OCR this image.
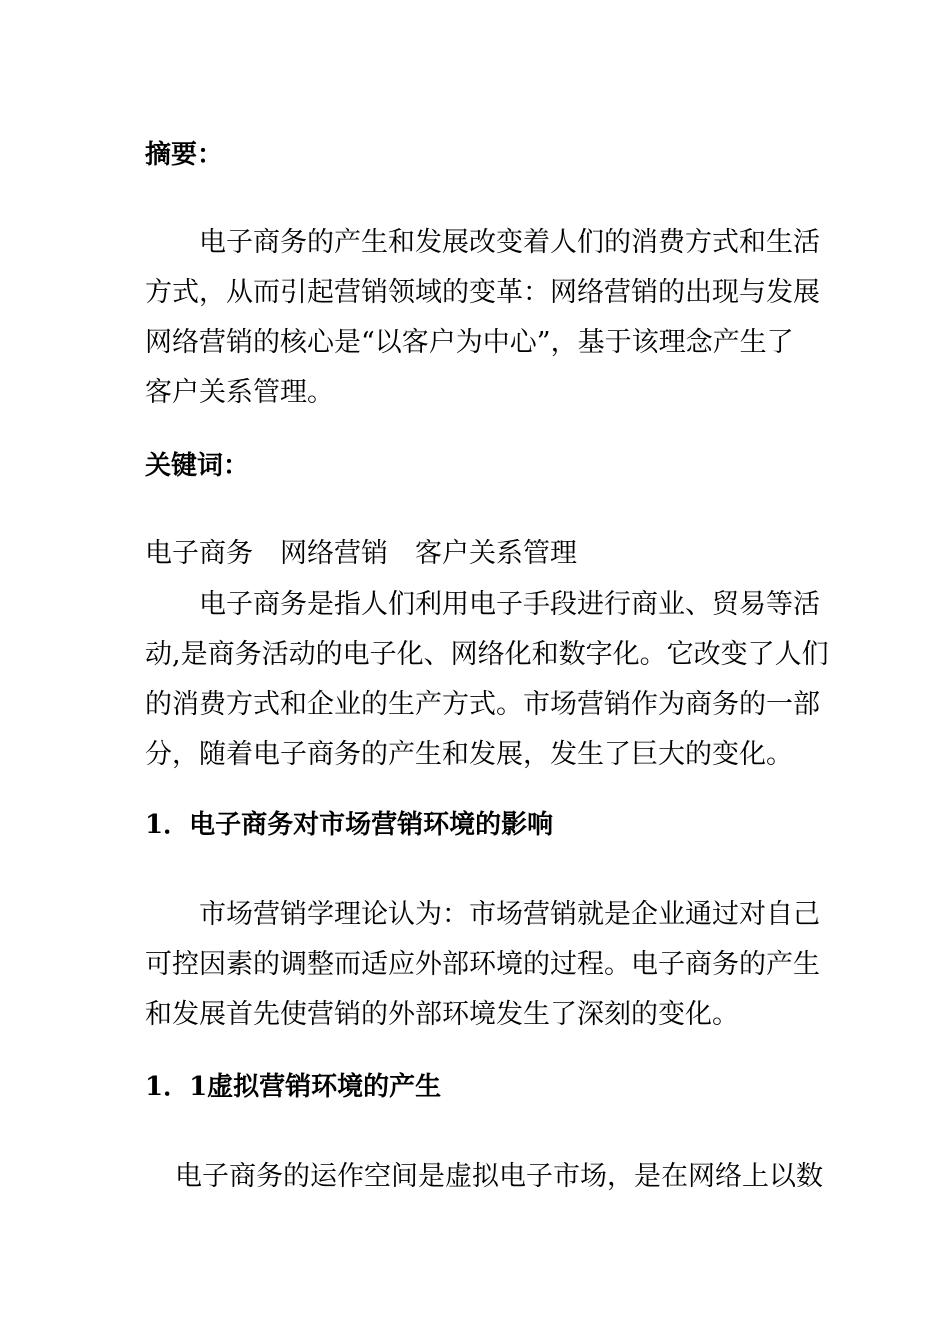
摘要：
电子商务的产生和发展改变着人们的消费方式和生活
方式，从而引起营销领域的变革：网络营销的出现与发展
网络营销的核心是“以客户为中心”，基于该理念产生了
客户关系管理。
关键词：
电子商务 网络营销 客户关系管理
电子商务是指人们利用电子手段进行商业、贸易等活
动,是商务活动的电子化、网络化和数字化。它改变了人们
的消费方式和企业的生产方式。市场营销作为商务的一部
分，随着电子商务的产生和发展，发生了巨大的变化。
1．电子商务对市场营销环境的影响
市场营销学理论认为：市场营销就是企业通过对自己
可控因素的调整而适应外部环境的过程。电子商务的产生
和发展首先使营销的外部环境发生了深刻的变化。
1．1虚拟营销环境的产生
电子商务的运作空间是虚拟电子市场，是在网络上以数
